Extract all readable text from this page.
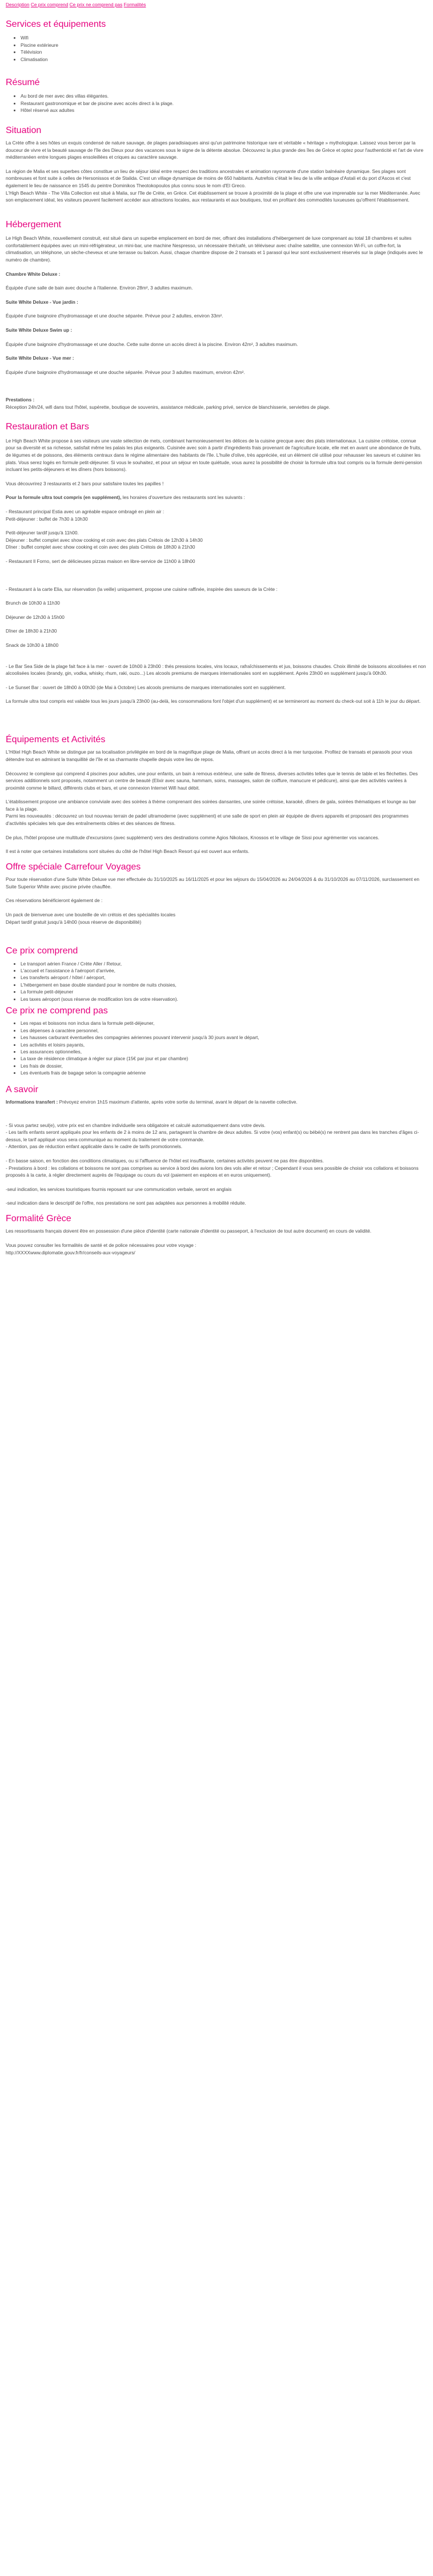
Description Ce prix comprend Ce prix ne comprend pas Formalités
Services et équipements
• Wifi
• Piscine extérieure
• Télévision
• Climatisation
Résumé
• Au bord de mer avec des villas élégantes.
• Restaurant gastronomique et bar de piscine avec accès direct à la plage.
• Hôtel réservé aux adultes
Situation

La Crète offre à ses hôtes un exquis condensé de nature sauvage, de plages paradisiaques ainsi qu'un patrimoine historique rare et véritable « héritage » mythologique. Laissez vous bercer par la douceur de vivre et la beauté sauvage de l'île des Dieux pour des vacances sous le signe de la détente absolue. Découvrez la plus grande des îles de Grèce et optez pour l'authenticité et l'art de vivre méditerranéen entre longues plages ensoleillées et criques au caractère sauvage.

La région de Malia et ses superbes côtes constitue un lieu de séjour idéal entre respect des traditions ancestrales et animation rayonnante d'une station balnéaire dynamique. Ses plages sont nombreuses et font suite à celles de Hersonissos et de Stalida. C'est un village dynamique de moins de 650 habitants. Autrefois c'était le lieu de la ville antique d'Astali et du port d'Ascos et c'est également le lieu de naissance en 1545 du peintre Dominikos Theotokopoulos plus connu sous le nom d'El Greco.

L'High Beach White - The Villa Collection est situé à Malia, sur l'île de Crète, en Grèce. Cet établissement se trouve à proximité de la plage et offre une vue imprenable sur la mer Méditerranée. Avec son emplacement idéal, les visiteurs peuvent facilement accéder aux attractions locales, aux restaurants et aux boutiques, tout en profitant des commodités luxueuses qu'offrent l'établissement.

Hébergement

Le High Beach White, nouvellement construit, est situé dans un superbe emplacement en bord de mer, offrant des installations d'hébergement de luxe comprenant au total 18 chambres et suites confortablement équipées avec un mini-réfrigérateur, un mini-bar, une machine Nespresso, un nécessaire thé/café, un téléviseur avec chaîne satellite, une connexion Wi-Fi, un coffre-fort, la climatisation, un téléphone, un sèche-cheveux et une terrasse ou balcon. Aussi, chaque chambre dispose de 2 transats et 1 parasol qui leur sont exclusivement réservés sur la plage (indiqués avec le numéro de chambre).

Chambre White Deluxe :

Équipée d'une salle de bain avec douche à l'italienne. Environ 28m², 3 adultes maximum.

Suite White Deluxe - Vue jardin :

Équipée d'une baignoire d'hydromassage et une douche séparée. Prévue pour 2 adultes, environ 33m².

Suite White Deluxe Swim up :

Équipée d'une baignoire d'hydromassage et une douche. Cette suite donne un accès direct à la piscine. Environ 42m², 3 adultes maximum.

Suite White Deluxe - Vue mer :

Équipée d'une baignoire d'hydromassage et une douche séparée. Prévue pour 3 adultes maximum, environ 42m².

Prestations :

Réception 24h/24, wifi dans tout l'hôtel, supérette, boutique de souvenirs, assistance médicale, parking privé, service de blanchisserie, serviettes de plage.

Restauration et Bars

Le High Beach White propose à ses visiteurs une vaste sélection de mets, combinant harmonieusement les délices de la cuisine grecque avec des plats internationaux. La cuisine crétoise, connue pour sa diversité et sa richesse, satisfait même les palais les plus exigeants. Cuisinée avec soin à partir d'ingrédients frais provenant de l'agriculture locale, elle met en avant une abondance de fruits, de légumes et de poissons, des éléments centraux dans le régime alimentaire des habitants de l'île. L'huile d'olive, très appréciée, est un élément clé utilisé pour rehausser les saveurs et cuisiner les plats. Vous serez logés en formule petit-déjeuner. Si vous le souhaitez, et pour un séjour en toute quiétude, vous aurez la possibilité de choisir la formule ultra tout compris ou la formule demi-pension incluant les petits-déjeuners et les dîners (hors boissons).

Vous découvrirez 3 restaurants et 2 bars pour satisfaire toutes les papilles !

Pour la formule ultra tout compris (en supplément), les horaires d'ouverture des restaurants sont les suivants :

- Restaurant principal Estia avec un agréable espace ombragé en plein air :

Petit-déjeuner : buffet de 7h30 à 10h30

Petit-déjeuner tardif jusqu'à 11h00.

Déjeuner : buffet complet avec show cooking et coin avec des plats Crétois de 12h30 à 14h30

Dîner : buffet complet avec show cooking et coin avec des plats Crétois de 18h30 à 21h30

- Restaurant Il Forno, sert de délicieuses pizzas maison en libre-service de 11h00 à 18h00

- Restaurant à la carte Elia, sur réservation (la veille) uniquement, propose une cuisine raffinée, inspirée des saveurs de la Crète :

Brunch de 10h30 à 11h30

Déjeuner de 12h30 à 15h00

Dîner de 18h30 à 21h30

Snack de 10h30 à 18h00

- Le Bar Sea Side de la plage fait face à la mer - ouvert de 10h00 à 23h00 : thés pressions locales, vins locaux, rafraîchissements et jus, boissons chaudes. Choix illimité de boissons alcoolisées et non alcoolisées locales (brandy, gin, vodka, whisky, rhum, raki, ouzo...) Les alcools premiums de marques internationales sont en supplément. Après 23h00 en supplément jusqu'à 00h30.

- Le Sunset Bar : ouvert de 18h00 à 00h30 (de Mai à Octobre) Les alcools premiums de marques internationales sont en supplément.

La formule ultra tout compris est valable tous les jours jusqu'à 23h00 (au-delà, les consommations font l'objet d'un supplément) et se termineront au moment du check-out soit à 11h le jour du départ.

Équipements et Activités

L'Hôtel High Beach White se distingue par sa localisation privilégiée en bord de la magnifique plage de Malia, offrant un accès direct à la mer turquoise. Profitez de transats et parasols pour vous détendre tout en admirant la tranquillité de l'île et sa charmante chapelle depuis votre lieu de repos.

Découvrez le complexe qui comprend 4 piscines pour adultes, une pour enfants, un bain à remous extérieur, une salle de fitness, diverses activités telles que le tennis de table et les fléchettes. Des services additionnels sont proposés, notamment un centre de beauté (Elixir avec sauna, hammam, soins, massages, salon de coiffure, manucure et pédicure), ainsi que des activités variées à proximité comme le billard, différents clubs et bars, et une connexion Internet Wifi haut débit.

L'établissement propose une ambiance conviviale avec des soirées à thème comprenant des soirées dansantes, une soirée crétoise, karaoké, dîners de gala, soirées thématiques et lounge au bar face à la plage.

Parmi les nouveautés : découvrez un tout nouveau terrain de padel ultramoderne (avec supplément) et une salle de sport en plein air équipée de divers appareils et proposant des programmes d'activités spéciales tels que des entraînements cibles et des séances de fitness.

De plus, l'hôtel propose une multitude d'excursions (avec supplément) vers des destinations comme Agios Nikolaos, Knossos et le village de Sissi pour agrémenter vos vacances.

Il est à noter que certaines installations sont situées du côté de l'hôtel High Beach Resort qui est ouvert aux enfants.

Offre spéciale Carrefour Voyages

Pour toute réservation d'une Suite White Deluxe vue mer effectuée du 31/10/2025 au 16/11/2025 et pour les séjours du 15/04/2026 au 24/04/2026 & du 31/10/2026 au 07/11/2026, surclassement en Suite Superior White avec piscine privée chauffée.

Ces réservations bénéficieront également de :

Un pack de bienvenue avec une bouteille de vin crétois et des spécialités locales
Départ tardif gratuit jusqu'à 14h00 (sous réserve de disponibilité)

Ce prix comprend
• Le transport aérien France / Crète Aller / Retour,
• L'accueil et l'assistance à l'aéroport d'arrivée,
• Les transferts aéroport / hôtel / aéroport,
• L'hébergement en base double standard pour le nombre de nuits choisies,
• La formule petit-déjeuner
• Les taxes aéroport (sous réserve de modification lors de votre réservation).
Ce prix ne comprend pas
• Les repas et boissons non inclus dans la formule petit-déjeuner,
• Les dépenses à caractère personnel,
• Les hausses carburant éventuelles des compagnies aériennes pouvant intervenir jusqu'à 30 jours avant le départ,
• Les activités et loisirs payants,
• Les assurances optionnelles,
• La taxe de résidence climatique à régler sur place (15€ par jour et par chambre)
• Les frais de dossier,
• Les éventuels frais de bagage selon la compagnie aérienne
A savoir

Informations transfert : Prévoyez environ 1h15 maximum d'attente, après votre sortie du terminal, avant le départ de la navette collective.

- Si vous partez seul(e), votre prix est en chambre individuelle sera obligatoire et calculé automatiquement dans votre devis.

- Les tarifs enfants seront appliqués pour les enfants de 2 à moins de 12 ans, partageant la chambre de deux adultes. Si votre (vos) enfant(s) ou bébé(s) ne rentrent pas dans les tranches d'âges ci-dessus, le tarif appliqué vous sera communiqué au moment du traitement de votre commande.

- Attention, pas de réduction enfant applicable dans le cadre de tarifs promotionnels.

- En basse saison, en fonction des conditions climatiques, ou si l'affluence de l'hôtel est insuffisante, certaines activités peuvent ne pas être disponibles.

- Prestations à bord : les collations et boissons ne sont pas comprises au service à bord des avions lors des vols aller et retour ; Cependant il vous sera possible de choisir vos collations et boissons proposés à la carte, à régler directement auprès de l'équipage ou cours du vol (paiement en espèces et en euros uniquement).

-seul indication, les services touristiques fournis reposant sur une communication verbale, seront en anglais

-seul indication dans le descriptif de l'offre, nos prestations ne sont pas adaptées aux personnes à mobilité réduite.

Formalité Grèce

Les ressortissants français doivent être en possession d'une pièce d'identité (carte nationale d'identité ou passeport, à l'exclusion de tout autre document) en cours de validité.

Vous pouvez consulter les formalités de santé et de police nécessaires pour votre voyage :

http://XXXXwww.diplomatie.gouv.fr/fr/conseils-aux-voyageurs/
